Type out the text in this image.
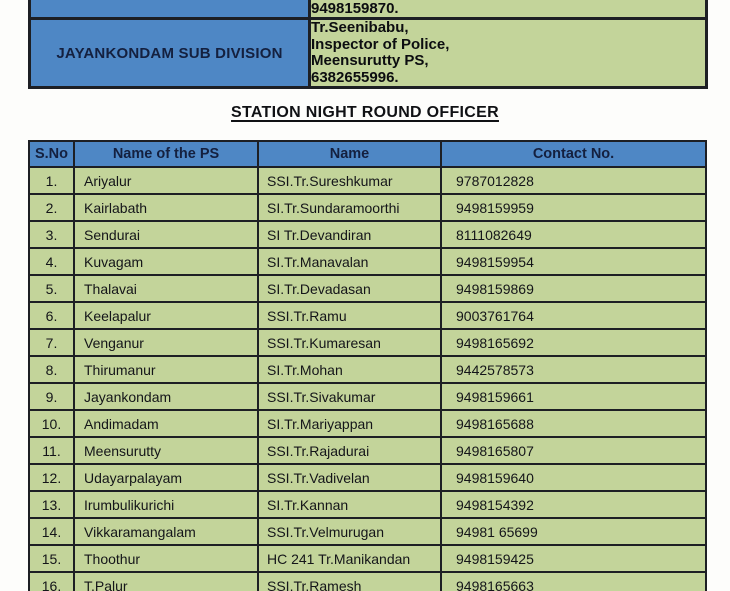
	9498159870.
JAYANKONDAM SUB DIVISION	Tr.Seenibabu,
Inspector of Police,
Meensurutty PS,
6382655996.
STATION NIGHT ROUND OFFICER
S.No	Name of the PS	Name	Contact No.
1.	Ariyalur	SSI.Tr.Sureshkumar	9787012828
2.	Kairlabath	SI.Tr.Sundaramoorthi	9498159959
3.	Sendurai	SI Tr.Devandiran	8111082649
4.	Kuvagam	SI.Tr.Manavalan	9498159954
5.	Thalavai	SI.Tr.Devadasan	9498159869
6.	Keelapalur	SSI.Tr.Ramu	9003761764
7.	Venganur	SSI.Tr.Kumaresan	9498165692
8.	Thirumanur	SI.Tr.Mohan	9442578573
9.	Jayankondam	SSI.Tr.Sivakumar	9498159661
10.	Andimadam	SI.Tr.Mariyappan	9498165688
11.	Meensurutty	SSI.Tr.Rajadurai	9498165807
12.	Udayarpalayam	SSI.Tr.Vadivelan	9498159640
13.	Irumbulikurichi	SI.Tr.Kannan	9498154392
14.	Vikkaramangalam	SSI.Tr.Velmurugan	94981 65699
15.	Thoothur	HC 241 Tr.Manikandan	9498159425
16.	T.Palur	SSI.Tr.Ramesh	9498165663
